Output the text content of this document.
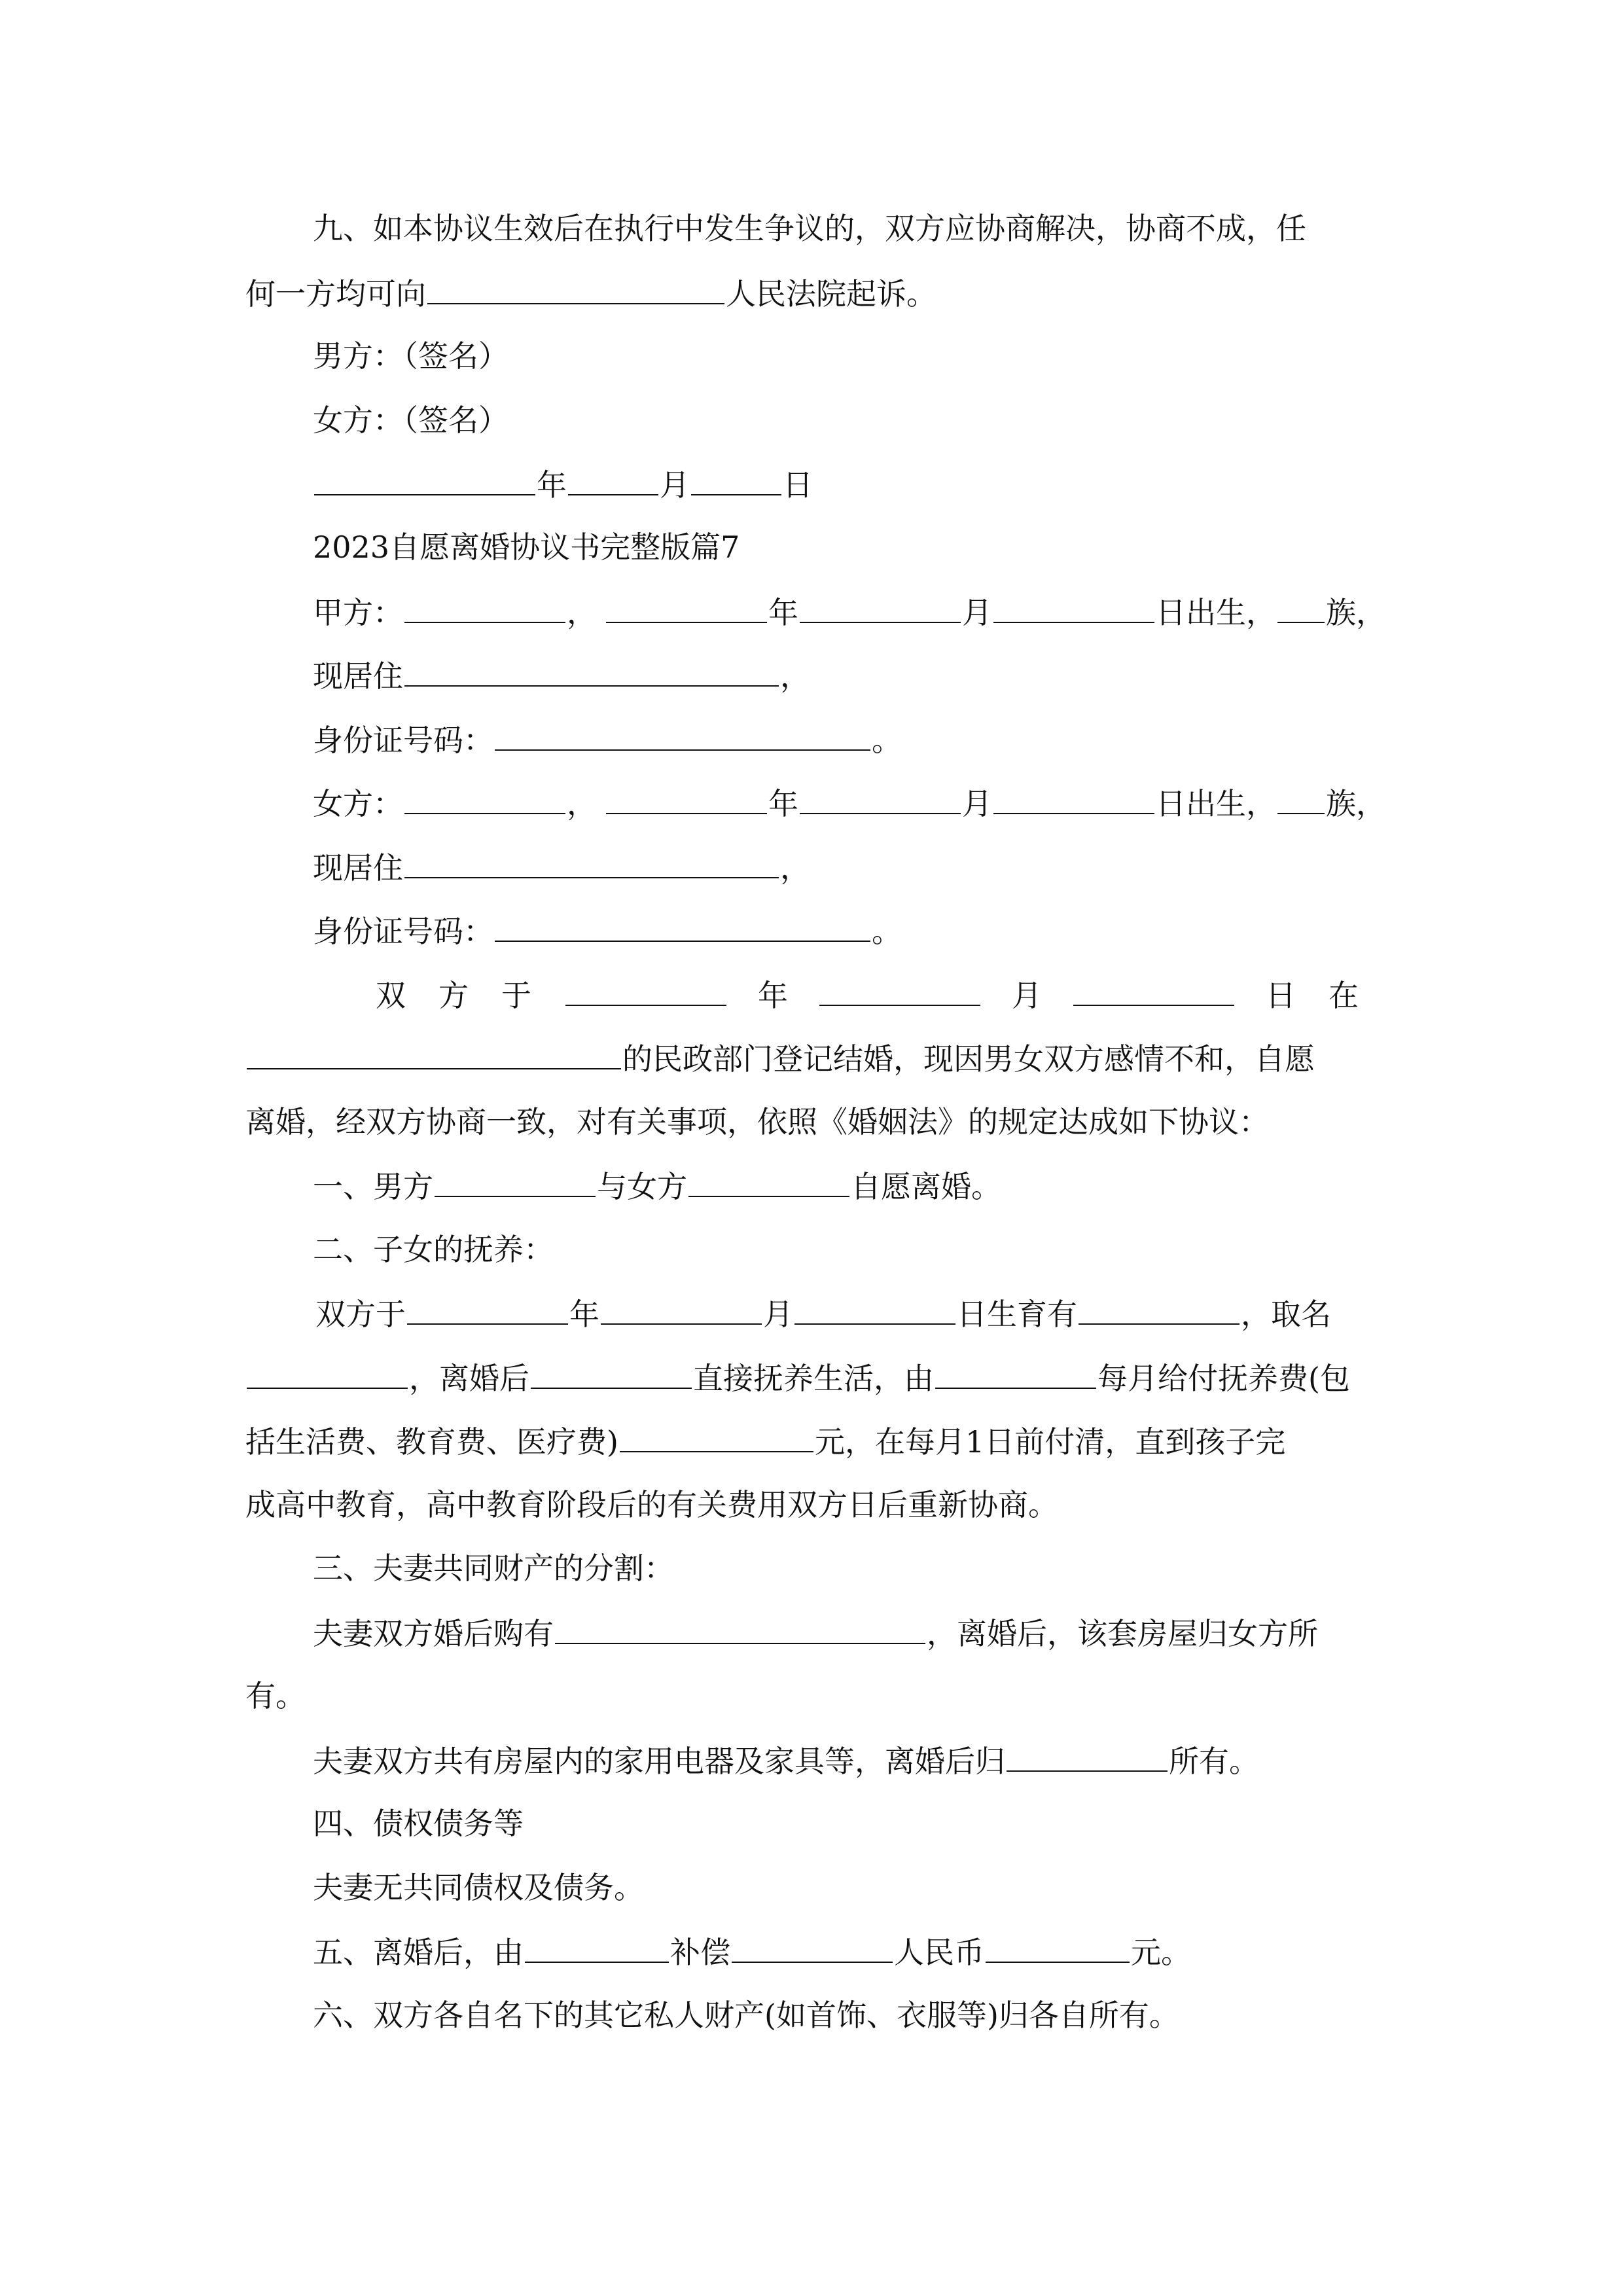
九、如本协议生效后在执行中发生争议的，双方应协商解决，协商不成，任
何一方均可向	人民法院起诉。
男方：（签名）
女方：（签名）
年	月	日
2023自愿离婚协议书完整版篇7
甲方：	，	年	月	日出生， 族，
现居住	，
身份证号码：	。
女方：	，	年	月	日出生， 族，
现居住	，
身份证号码：	。
双 方 于	年	月	日 在
的民政部门登记结婚，现因男女双方感情不和，自愿
离婚，经双方协商一致，对有关事项，依照《婚姻法》的规定达成如下协议：
一、男方	与女方	自愿离婚。
二、子女的抚养：
双方于	年	月	日生育有	，取名
，离婚后	直接抚养生活，由	每月给付抚养费(包
括生活费、教育费、医疗费)	元，在每月1日前付清，直到孩子完
成高中教育，高中教育阶段后的有关费用双方日后重新协商。
三、夫妻共同财产的分割：
夫妻双方婚后购有	，离婚后，该套房屋归女方所
有。
夫妻双方共有房屋内的家用电器及家具等，离婚后归	所有。
四、债权债务等
夫妻无共同债权及债务。
五、离婚后，由	补偿	人民币	元。
六、双方各自名下的其它私人财产(如首饰、衣服等)归各自所有。
